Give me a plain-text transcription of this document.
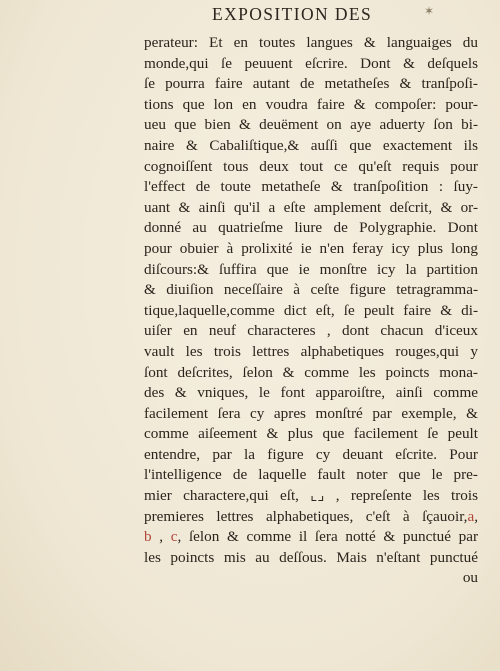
EXPOSITION DES	✶
perateur: Et en toutes langues & languaiges du
monde,qui ſe peuuent eſcrire. Dont & deſquels
ſe pourra faire autant de metatheſes & tranſpoſi-
tions que lon en voudra faire & compoſer: pour-
ueu que bien & deuëment on aye aduerty ſon bi-
naire & Cabaliſtique,& auſſi que exactement ils
cognoiſſent tous deux tout ce qu'eſt requis pour
l'effect de toute metatheſe & tranſpoſition : ſuy-
uant & ainſi qu'il a eſte amplement deſcrit, & or-
donné au quatrieſme liure de Polygraphie. Dont
pour obuier à prolixité ie n'en feray icy plus long
diſcours:& ſuffira que ie monſtre icy la partition
& diuiſion neceſſaire à ceſte figure tetragramma-
tique,laquelle,comme dict eſt, ſe peult faire & di-
uiſer en neuf characteres , dont chacun d'iceux
vault les trois lettres alphabetiques rouges,qui y
ſont deſcrites, ſelon & comme les poincts mona-
des & vniques, le font apparoiſtre, ainſi comme
facilement ſera cy apres monſtré par exemple, &
comme aiſeement & plus que facilement ſe peult
entendre, par la figure cy deuant eſcrite. Pour
l'intelligence de laquelle fault noter que le pre-
mier charactere,qui eſt, ⌞⌟ , repreſente les trois
premieres lettres alphabetiques, c'eſt à ſçauoir,a,
b , c, ſelon & comme il ſera notté & punctué par
les poincts mis au deſſous. Mais n'eſtant punctué
ou
